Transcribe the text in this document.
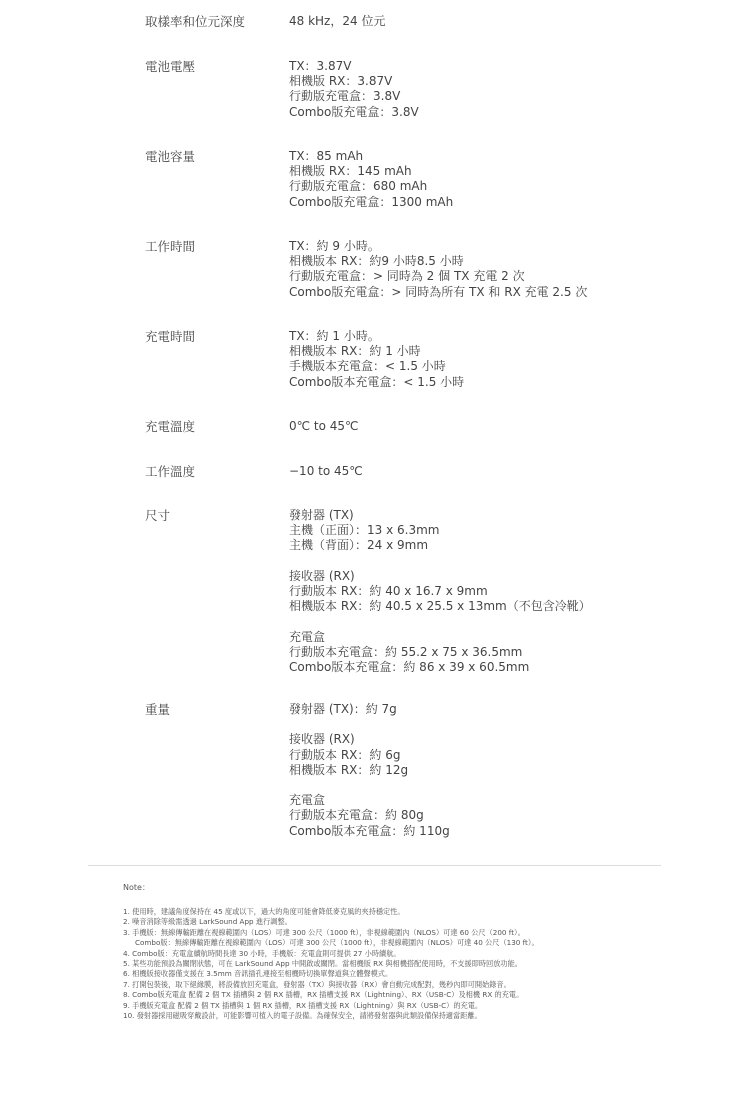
取樣率和位元深度	48 kHz，24 位元
電池電壓	TX：3.87V
相機版 RX：3.87V
行動版充電盒：3.8V
Combo版充電盒：3.8V
電池容量	TX：85 mAh
相機版 RX：145 mAh
行動版充電盒：680 mAh
Combo版充電盒：1300 mAh
工作時間	TX：約 9 小時。
相機版本 RX：約9 小時8.5 小時
行動版充電盒：> 同時為 2 個 TX 充電 2 次
Combo版充電盒：> 同時為所有 TX 和 RX 充電 2.5 次
充電時間	TX：約 1 小時。
相機版本 RX：約 1 小時
手機版本充電盒：< 1.5 小時
Combo版本充電盒：< 1.5 小時
充電溫度	0℃ to 45℃
工作溫度	−10 to 45℃
尺寸	發射器 (TX)
主機（正面）：13 x 6.3mm
主機（背面）：24 x 9mm
接收器 (RX)
行動版本 RX：約 40 x 16.7 x 9mm
相機版本 RX：約 40.5 x 25.5 x 13mm（不包含冷靴）
充電盒
行動版本充電盒：約 55.2 x 75 x 36.5mm
Combo版本充電盒：約 86 x 39 x 60.5mm
重量	發射器 (TX)：約 7g
接收器 (RX)
行動版本 RX：約 6g
相機版本 RX：約 12g
充電盒
行動版本充電盒：約 80g
Combo版本充電盒：約 110g
Note：
1. 使用時，建議角度保持在 45 度或以下，過大的角度可能會降低麥克風的夾持穩定性。
2. 噪音消除等級需透過 LarkSound App 進行調整。
3. 手機版：無線傳輸距離在視線範圍內（LOS）可達 300 公尺（1000 ft），非視線範圍內（NLOS）可達 60 公尺（200 ft）。
Combo版：無線傳輸距離在視線範圍內（LOS）可達 300 公尺（1000 ft），非視線範圍內（NLOS）可達 40 公尺（130 ft）。
4. Combo版：充電盒續航時間長達 30 小時，手機版：充電盒則可提供 27 小時續航。
5. 某些功能預設為關閉狀態，可在 LarkSound App 中開啟或關閉。當相機版 RX 與相機搭配使用時，不支援即時回放功能。
6. 相機版接收器僅支援在 3.5mm 音訊插孔連接至相機時切換單聲道與立體聲模式。
7. 打開包裝後，取下絕緣膜，將設備放回充電盒，發射器（TX）與接收器（RX）會自動完成配對，幾秒內即可開始錄音。
8. Combo版充電盒 配備 2 個 TX 插槽與 2 個 RX 插槽，RX 插槽支援 RX（Lightning）、RX（USB-C）及相機 RX 的充電。
9. 手機版充電盒 配備 2 個 TX 插槽與 1 個 RX 插槽，RX 插槽支援 RX（Lightning）與 RX（USB-C）的充電。
10. 發射器採用磁吸穿戴設計，可能影響可植入的電子設備。為確保安全，請將發射器與此類設備保持適當距離。
